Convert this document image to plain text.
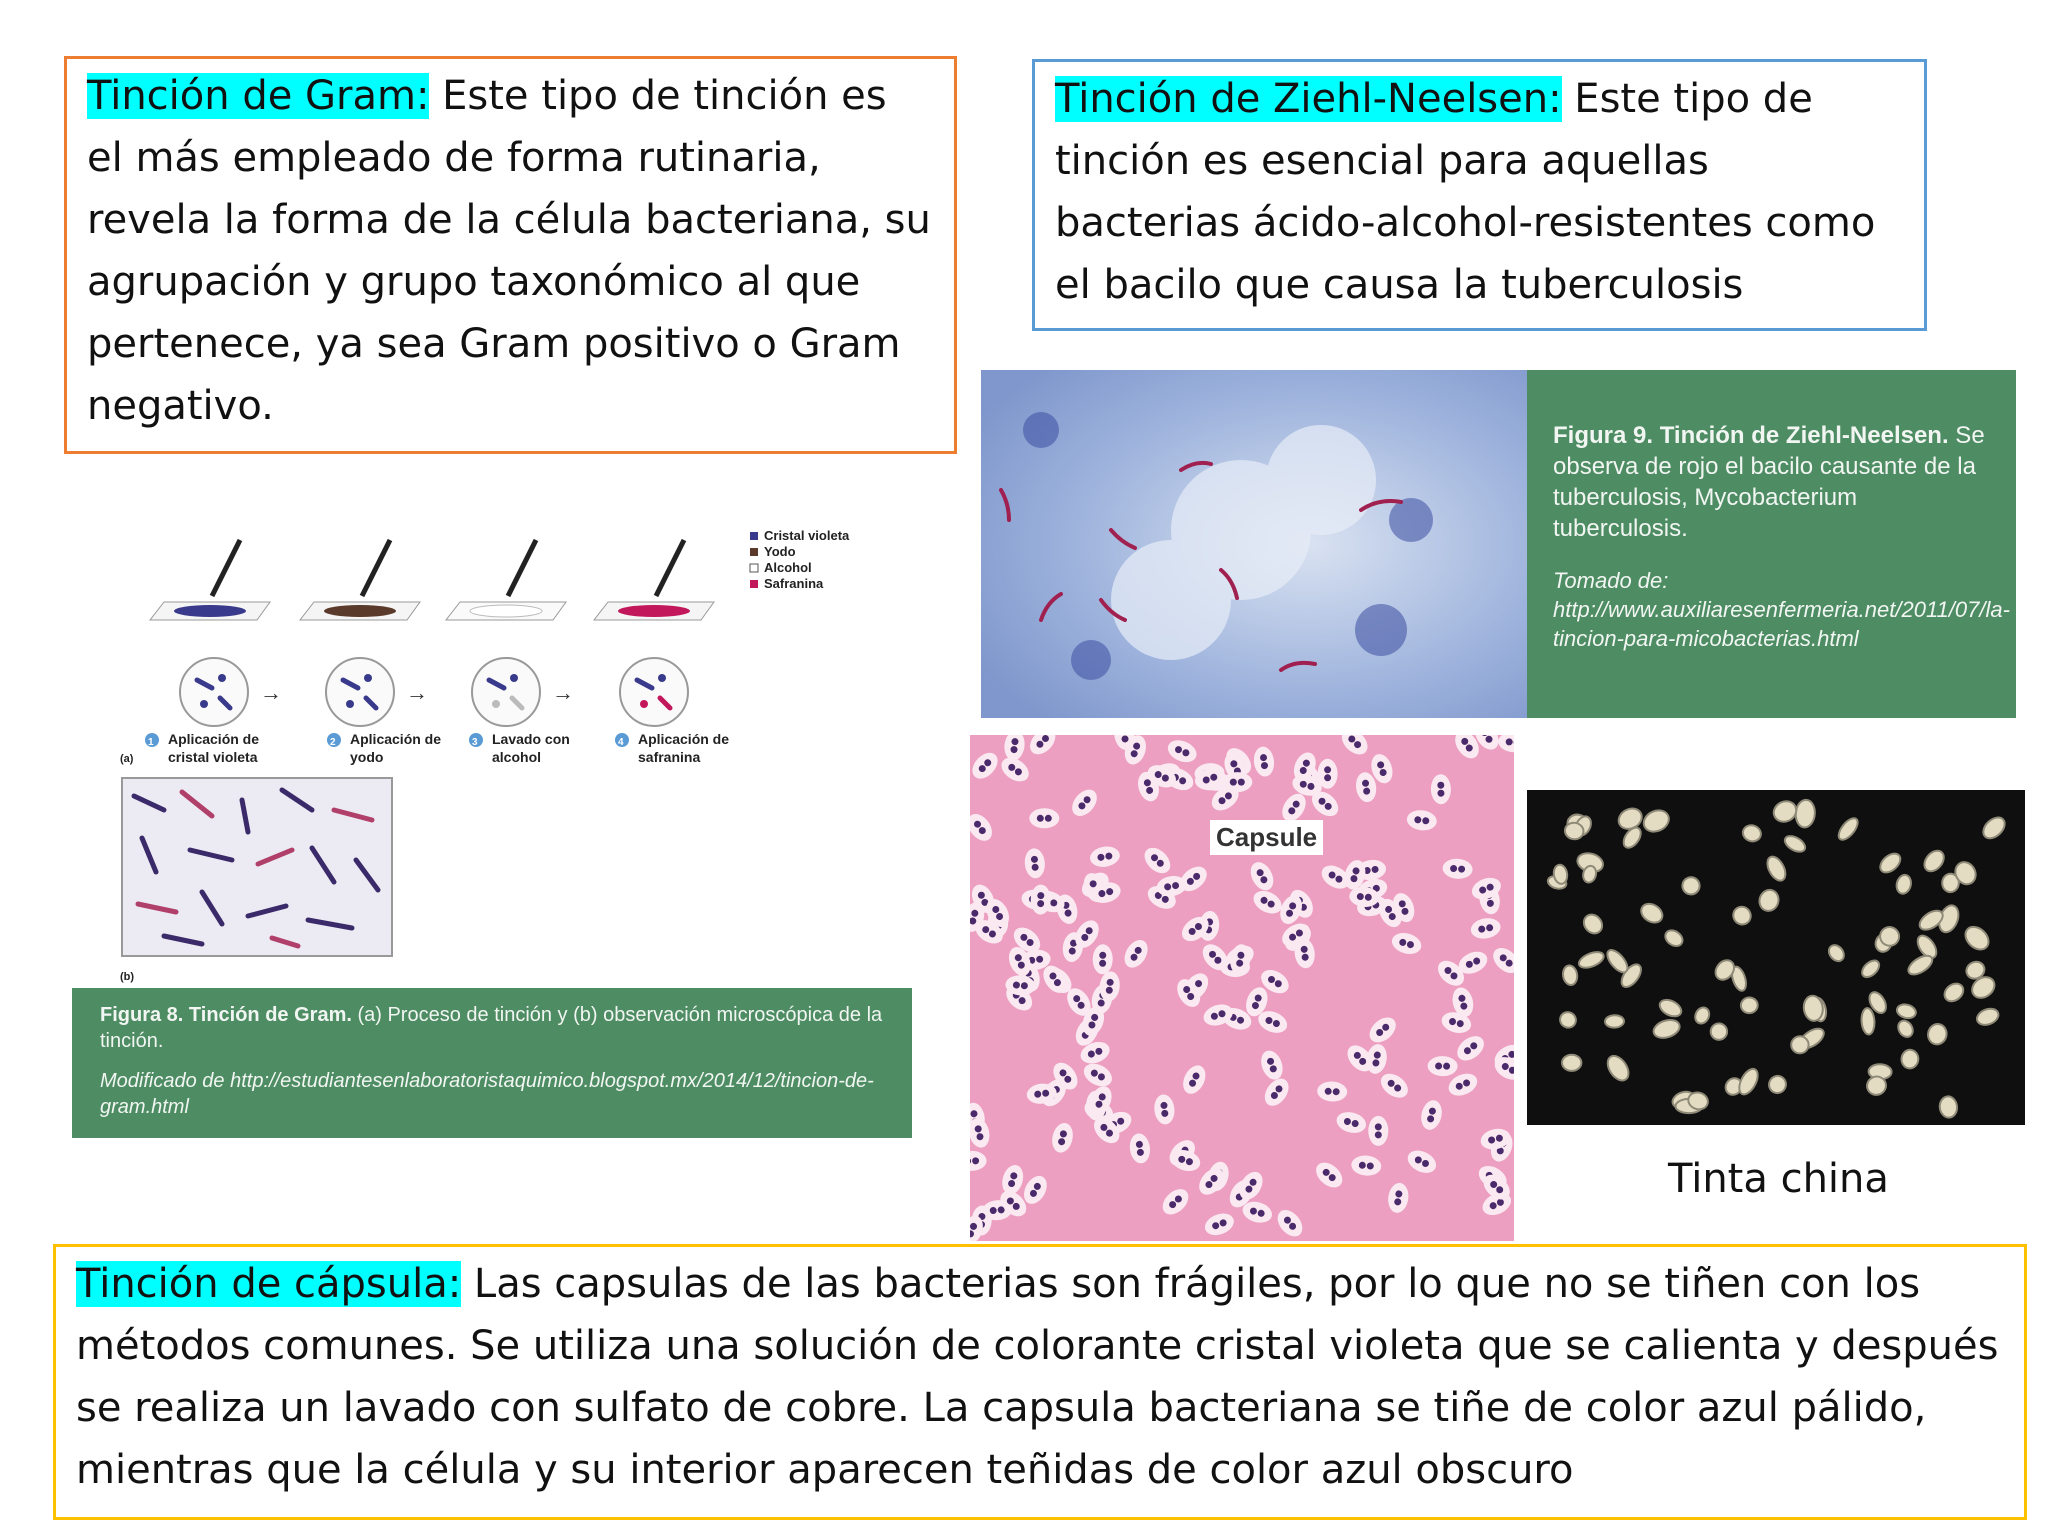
Tinción de Gram: Este tipo de tinción es el más empleado de forma rutinaria, revela la forma de la célula bacteriana, su agrupación y grupo taxonómico al que pertenece, ya sea Gram positivo o Gram negativo.
Tinción de Ziehl-Neelsen: Este tipo de tinción es esencial para aquellas bacterias ácido-alcohol-resistentes como el bacilo que causa la tuberculosis
Cristal violeta
Yodo
Alcohol
Safranina
→	→	→
1 Aplicación de
cristal violeta
(a)
2 Aplicación de
yodo
3 Lavado con
alcohol
4 Aplicación de
safranina
(b)
Figura 8. Tinción de Gram. (a) Proceso de tinción y (b) observación microscópica de la tinción.
Modificado de http://estudiantesenlaboratoristaquimico.blogspot.mx/2014/12/tincion-de-gram.html
Figura 9. Tinción de Ziehl-Neelsen. Se observa de rojo el bacilo causante de la tuberculosis, Mycobacterium tuberculosis.
Tomado de:
http://www.auxiliaresenfermeria.net/2011/07/la-tincion-para-micobacterias.html
Capsule
Tinta china
Tinción de cápsula: Las capsulas de las bacterias son frágiles, por lo que no se tiñen con los métodos comunes. Se utiliza una solución de colorante cristal violeta que se calienta y después se realiza un lavado con sulfato de cobre. La capsula bacteriana se tiñe de color azul pálido, mientras que la célula y su interior aparecen teñidas de color azul obscuro
